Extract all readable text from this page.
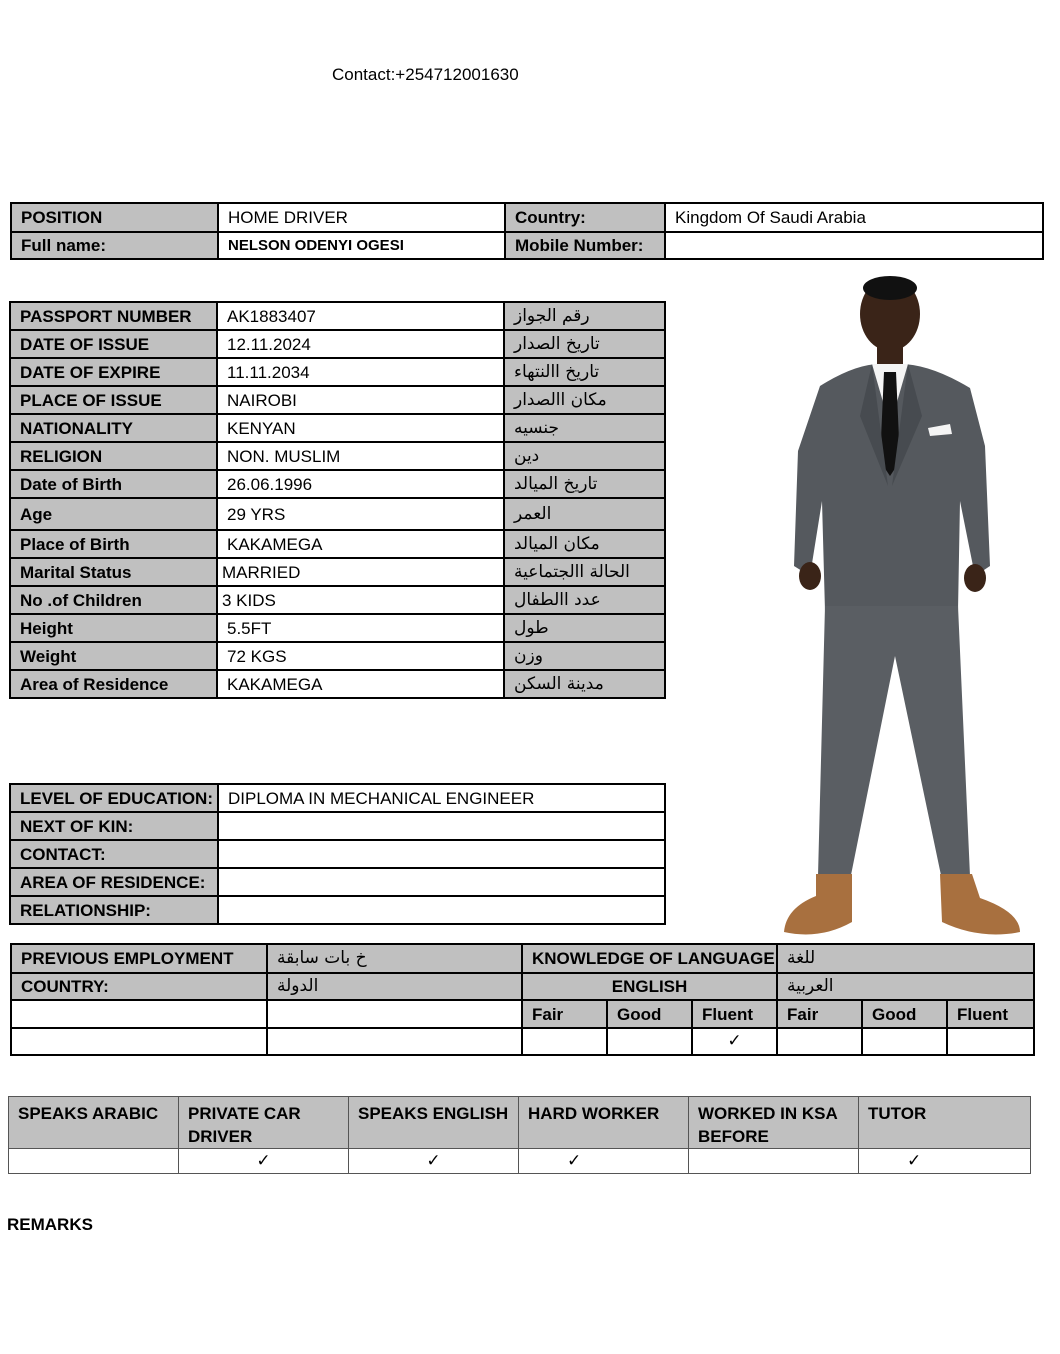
Contact:+254712001630
POSITION	HOME DRIVER	Country:	Kingdom Of Saudi Arabia
Full name:	NELSON ODENYI OGESI	Mobile Number:	
PASSPORT NUMBER	AK1883407	رقم الجواز
DATE OF ISSUE	12.11.2024	تاريخ الصدار
DATE OF EXPIRE	11.11.2034	تاريخ االنتهاء
PLACE OF ISSUE	NAIROBI	مكان االصدار
NATIONALITY	KENYAN	جنسيه
RELIGION	NON. MUSLIM	دين
Date of Birth	26.06.1996	تاريخ الميالد
Age	29 YRS	العمر
Place of Birth	KAKAMEGA	مكان الميالد
Marital Status	MARRIED	الحالة االجتماعية
No .of Children	3 KIDS	عدد االطفال
Height	5.5FT	طول
Weight	72 KGS	وزن
Area of Residence	KAKAMEGA	مدينة السكن
LEVEL OF EDUCATION:	DIPLOMA IN MECHANICAL ENGINEER
NEXT OF KIN:	
CONTACT:	
AREA OF RESIDENCE:	
RELATIONSHIP:	
PREVIOUS EMPLOYMENT	خ بات سابقة	KNOWLEDGE OF LANGUAGE			للغة		
COUNTRY:	الدولة	ENGLISH			العربية		
		Fair	Good	Fluent	Fair	Good	Fluent
				✓			
SPEAKS ARABIC	PRIVATE CAR DRIVER	SPEAKS ENGLISH	HARD WORKER	WORKED IN KSA BEFORE	TUTOR
	✓	✓	✓		✓
REMARKS
